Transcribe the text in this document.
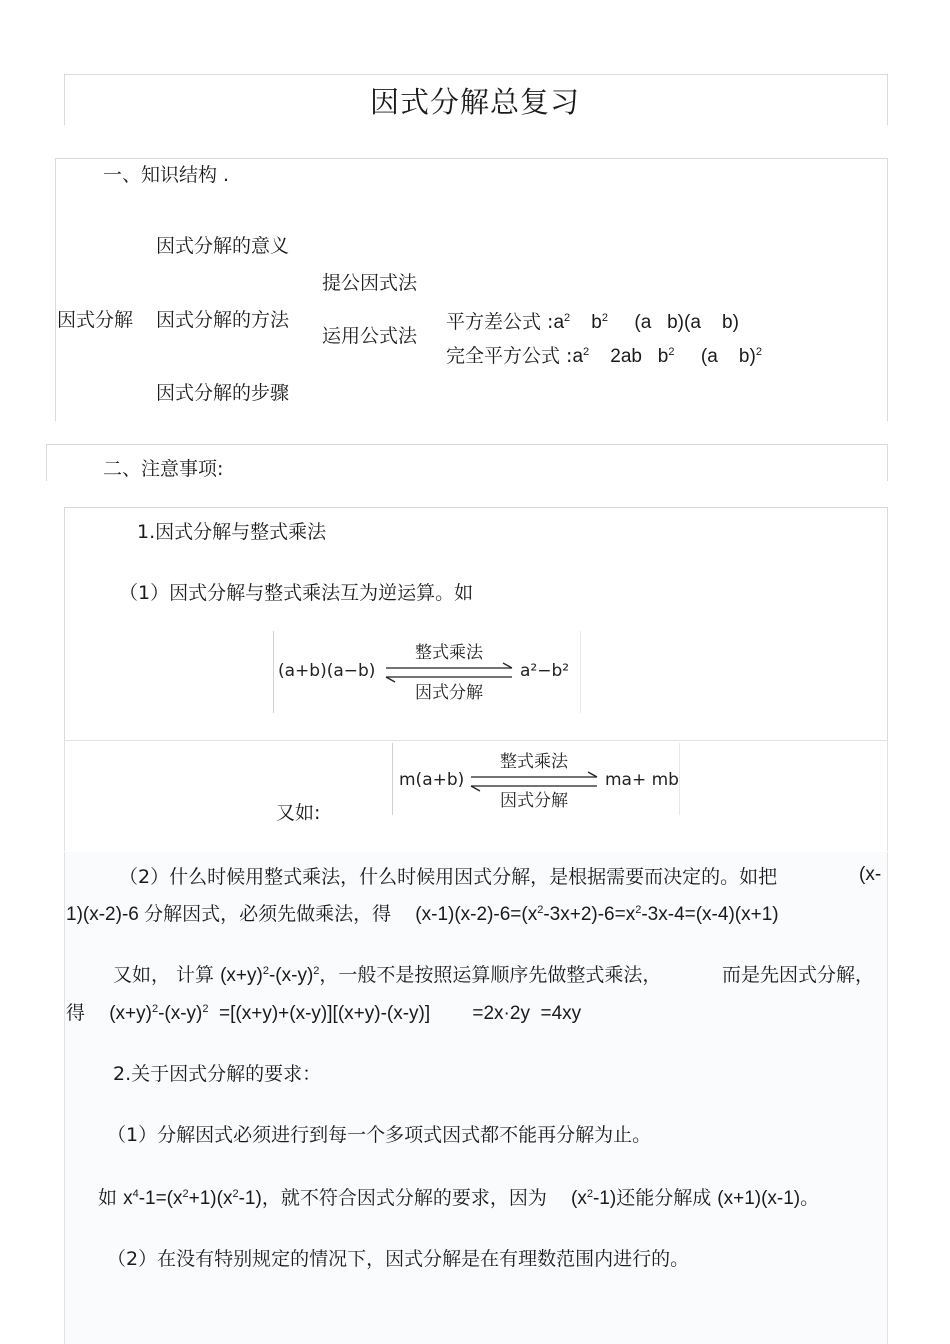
因式分解总复习
一、知识结构 .
因式分解的意义
因式分解 因式分解的方法
因式分解的步骤
提公因式法
运用公式法
平方差公式 $:a^2$    $b^2$     (a   b)(a    b)
完全平方公式 $:a^2$    2ab   $b^2$     (a    b)$^2$
二、注意事项:
1.因式分解与整式乘法
（1）因式分解与整式乘法互为逆运算。如
(a+b)(a−b)
整式乘法
因式分解
a²−b²
又如:
m(a+b)
整式乘法
因式分解
ma+ mb
（2）什么时候用整式乘法，什么时候用因式分解，是根据需要而决定的。如把	(x-
1)(x-2)-6 分解因式，必须先做乘法，得 $(x-1)(x-2)-6=(x^2-3x+2)-6=x^2-3x-4=(x-4)(x+1)$
又如， 计算 $(x+y)^2-(x-y)^2$，一般不是按照运算顺序先做整式乘法，	而是先因式分解，
得 $(x+y)^2-(x-y)^2 =[(x+y)+(x-y)][(x+y)-(x-y)]$        =2x·2y  =4xy
2.关于因式分解的要求：
（1）分解因式必须进行到每一个多项式因式都不能再分解为止。
如 $x^4-1=(x^2+1)(x^2-1)$，就不符合因式分解的要求，因为 $(x^2-1)$还能分解成 (x+1)(x-1)。
（2）在没有特别规定的情况下，因式分解是在有理数范围内进行的。
